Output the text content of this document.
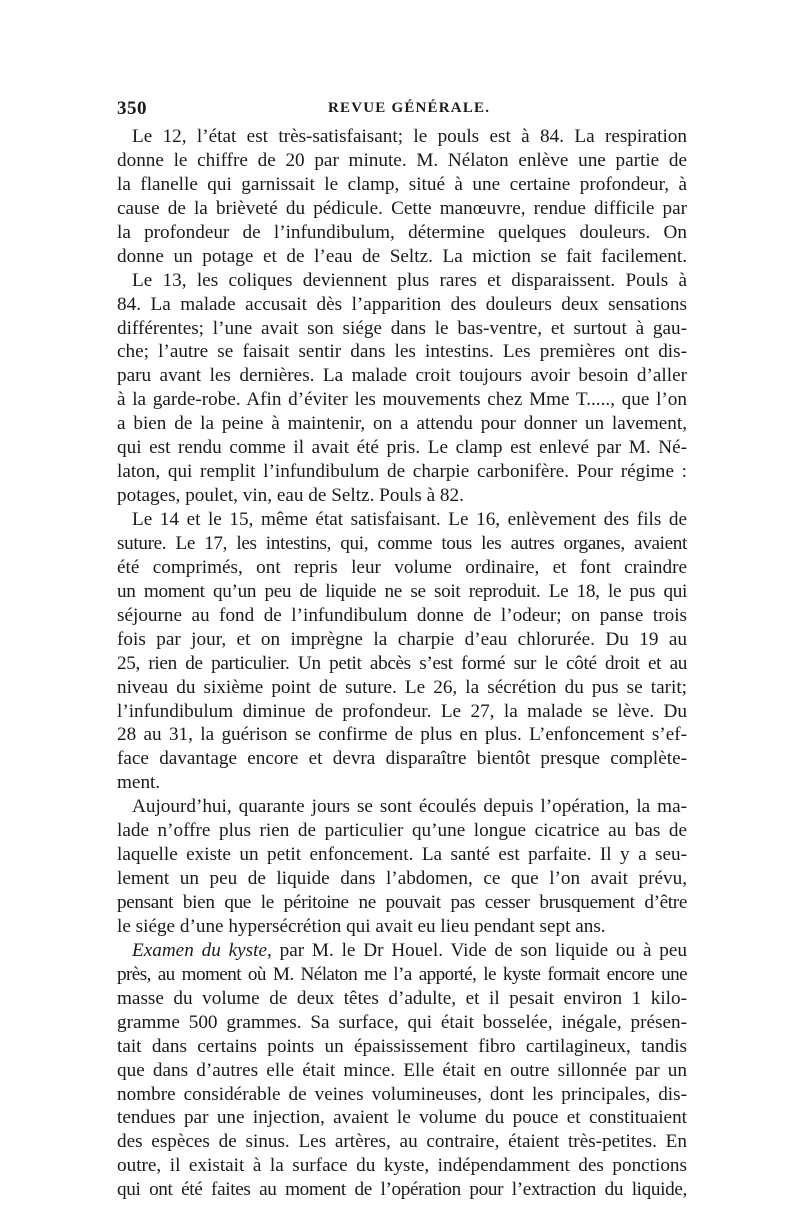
350	REVUE GÉNÉRALE.
Le 12, l’état est très-satisfaisant; le pouls est à 84. La respiration
donne le chiffre de 20 par minute. M. Nélaton enlève une partie de
la flanelle qui garnissait le clamp, situé à une certaine profondeur, à
cause de la brièveté du pédicule. Cette manœuvre, rendue difficile par
la profondeur de l’infundibulum, détermine quelques douleurs. On
donne un potage et de l’eau de Seltz. La miction se fait facilement.
Le 13, les coliques deviennent plus rares et disparaissent. Pouls à
84. La malade accusait dès l’apparition des douleurs deux sensations
différentes; l’une avait son siége dans le bas-ventre, et surtout à gau-
che; l’autre se faisait sentir dans les intestins. Les premières ont dis-
paru avant les dernières. La malade croit toujours avoir besoin d’aller
à la garde-robe. Afin d’éviter les mouvements chez Mme T....., que l’on
a bien de la peine à maintenir, on a attendu pour donner un lavement,
qui est rendu comme il avait été pris. Le clamp est enlevé par M. Né-
laton, qui remplit l’infundibulum de charpie carbonifère. Pour régime :
potages, poulet, vin, eau de Seltz. Pouls à 82.
Le 14 et le 15, même état satisfaisant. Le 16, enlèvement des fils de
suture. Le 17, les intestins, qui, comme tous les autres organes, avaient
été comprimés, ont repris leur volume ordinaire, et font craindre
un moment qu’un peu de liquide ne se soit reproduit. Le 18, le pus qui
séjourne au fond de l’infundibulum donne de l’odeur; on panse trois
fois par jour, et on imprègne la charpie d’eau chlorurée. Du 19 au
25, rien de particulier. Un petit abcès s’est formé sur le côté droit et au
niveau du sixième point de suture. Le 26, la sécrétion du pus se tarit;
l’infundibulum diminue de profondeur. Le 27, la malade se lève. Du
28 au 31, la guérison se confirme de plus en plus. L’enfoncement s’ef-
face davantage encore et devra disparaître bientôt presque complète-
ment.
Aujourd’hui, quarante jours se sont écoulés depuis l’opération, la ma-
lade n’offre plus rien de particulier qu’une longue cicatrice au bas de
laquelle existe un petit enfoncement. La santé est parfaite. Il y a seu-
lement un peu de liquide dans l’abdomen, ce que l’on avait prévu,
pensant bien que le péritoine ne pouvait pas cesser brusquement d’être
le siége d’une hypersécrétion qui avait eu lieu pendant sept ans.
Examen du kyste, par M. le Dr Houel. Vide de son liquide ou à peu
près, au moment où M. Nélaton me l’a apporté, le kyste formait encore une
masse du volume de deux têtes d’adulte, et il pesait environ 1 kilo-
gramme 500 grammes. Sa surface, qui était bosselée, inégale, présen-
tait dans certains points un épaississement fibro cartilagineux, tandis
que dans d’autres elle était mince. Elle était en outre sillonnée par un
nombre considérable de veines volumineuses, dont les principales, dis-
tendues par une injection, avaient le volume du pouce et constituaient
des espèces de sinus. Les artères, au contraire, étaient très-petites. En
outre, il existait à la surface du kyste, indépendamment des ponctions
qui ont été faites au moment de l’opération pour l’extraction du liquide,
